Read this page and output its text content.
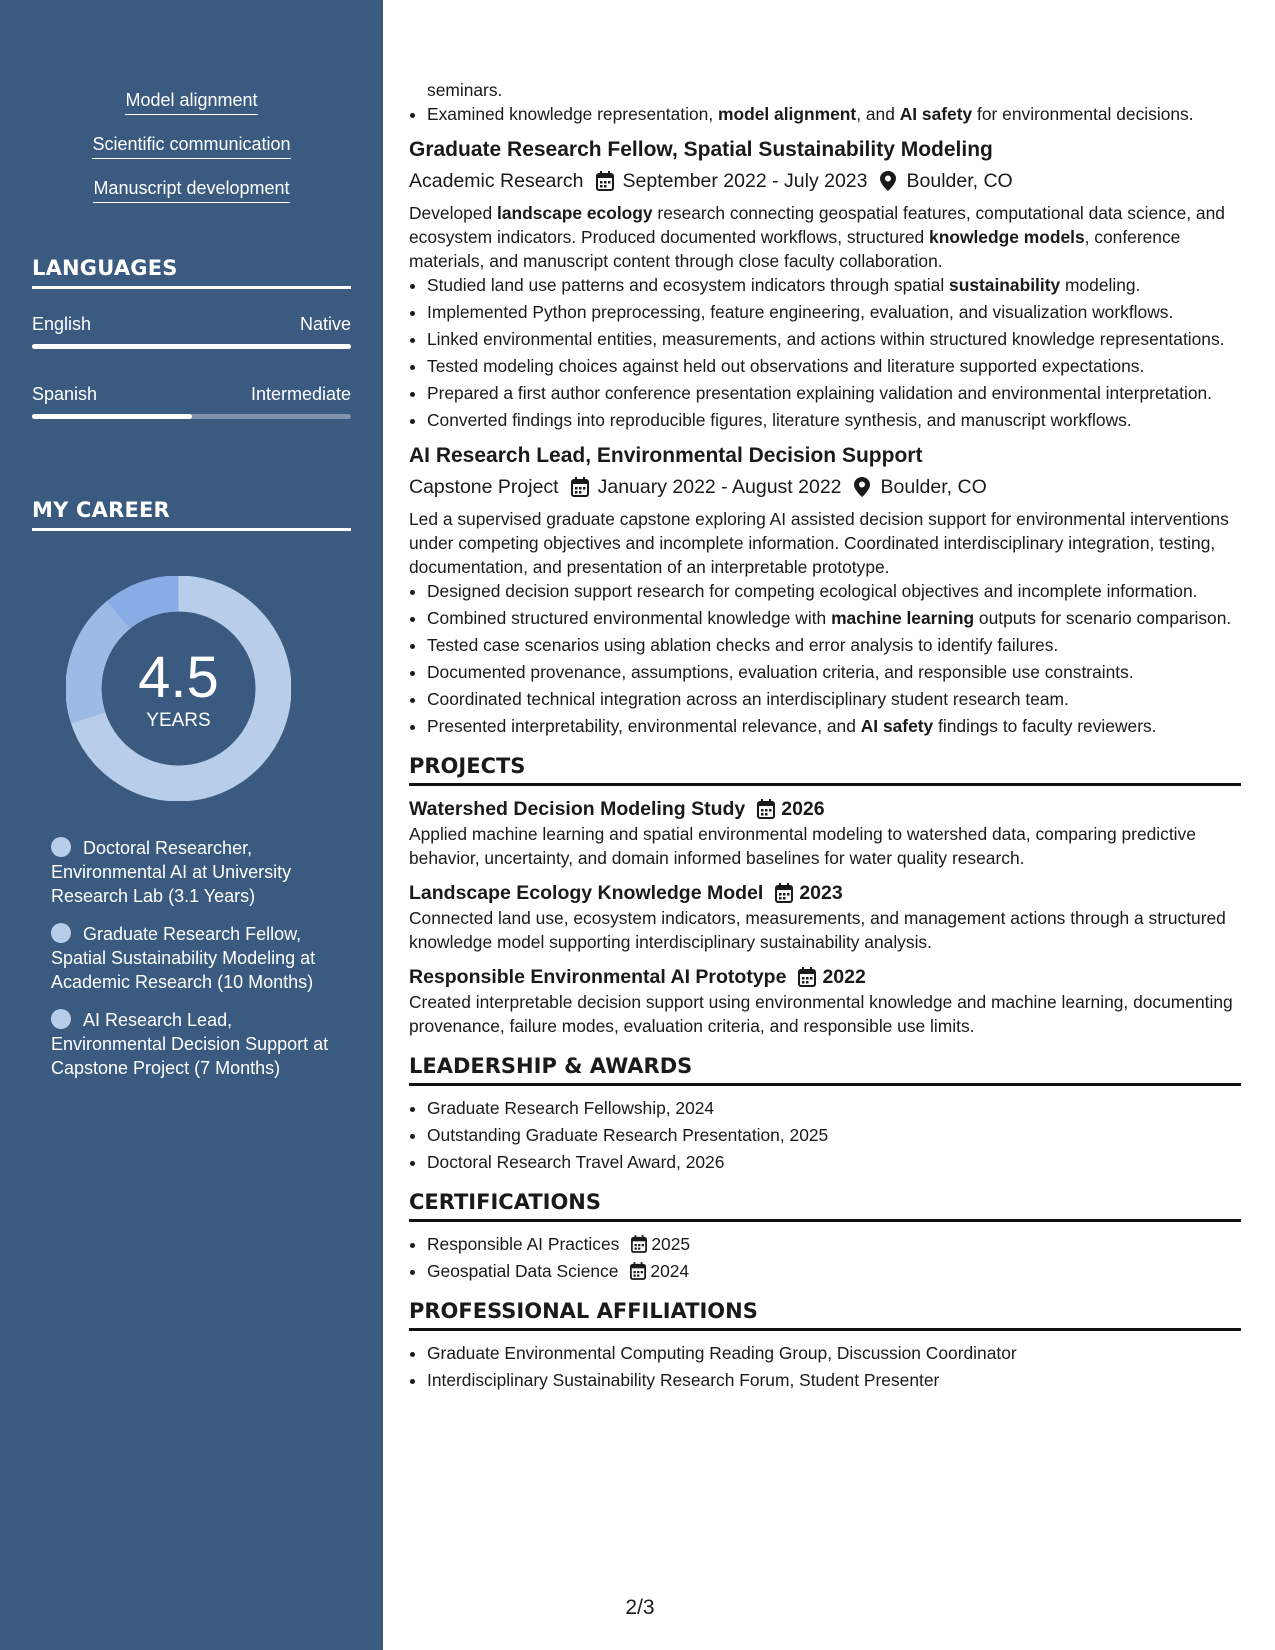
Model alignment
Scientific communication
Manuscript development
LANGUAGES
English	Native
Spanish	Intermediate
MY CAREER
4.5
YEARS
Doctoral Researcher, Environmental AI at University Research Lab (3.1 Years)
Graduate Research Fellow, Spatial Sustainability Modeling at Academic Research (10 Months)
AI Research Lead, Environmental Decision Support at Capstone Project (7 Months)
seminars.
• Examined knowledge representation, model alignment, and AI safety for environmental decisions.
Graduate Research Fellow, Spatial Sustainability Modeling
Academic Research September 2022 - July 2023 Boulder, CO
Developed landscape ecology research connecting geospatial features, computational data science, and ecosystem indicators. Produced documented workflows, structured knowledge models, conference materials, and manuscript content through close faculty collaboration.
• Studied land use patterns and ecosystem indicators through spatial sustainability modeling.
• Implemented Python preprocessing, feature engineering, evaluation, and visualization workflows.
• Linked environmental entities, measurements, and actions within structured knowledge representations.
• Tested modeling choices against held out observations and literature supported expectations.
• Prepared a first author conference presentation explaining validation and environmental interpretation.
• Converted findings into reproducible figures, literature synthesis, and manuscript workflows.
AI Research Lead, Environmental Decision Support
Capstone Project January 2022 - August 2022 Boulder, CO
Led a supervised graduate capstone exploring AI assisted decision support for environmental interventions under competing objectives and incomplete information. Coordinated interdisciplinary integration, testing, documentation, and presentation of an interpretable prototype.
• Designed decision support research for competing ecological objectives and incomplete information.
• Combined structured environmental knowledge with machine learning outputs for scenario comparison.
• Tested case scenarios using ablation checks and error analysis to identify failures.
• Documented provenance, assumptions, evaluation criteria, and responsible use constraints.
• Coordinated technical integration across an interdisciplinary student research team.
• Presented interpretability, environmental relevance, and AI safety findings to faculty reviewers.
PROJECTS
Watershed Decision Modeling Study 2026
Applied machine learning and spatial environmental modeling to watershed data, comparing predictive behavior, uncertainty, and domain informed baselines for water quality research.
Landscape Ecology Knowledge Model 2023
Connected land use, ecosystem indicators, measurements, and management actions through a structured knowledge model supporting interdisciplinary sustainability analysis.
Responsible Environmental AI Prototype 2022
Created interpretable decision support using environmental knowledge and machine learning, documenting provenance, failure modes, evaluation criteria, and responsible use limits.
LEADERSHIP & AWARDS
• Graduate Research Fellowship, 2024
• Outstanding Graduate Research Presentation, 2025
• Doctoral Research Travel Award, 2026
CERTIFICATIONS
• Responsible AI Practices 2025
• Geospatial Data Science 2024
PROFESSIONAL AFFILIATIONS
• Graduate Environmental Computing Reading Group, Discussion Coordinator
• Interdisciplinary Sustainability Research Forum, Student Presenter
2/3
